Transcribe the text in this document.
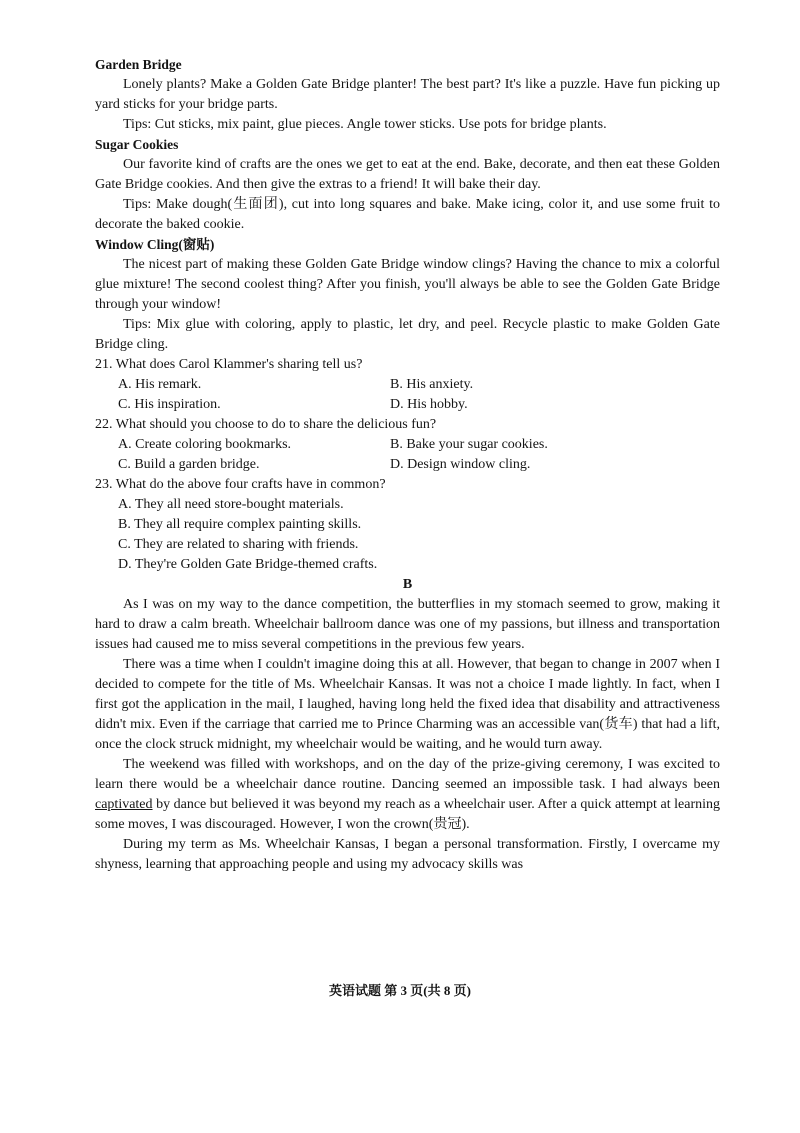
Garden Bridge

Lonely plants? Make a Golden Gate Bridge planter! The best part? It's like a puzzle. Have fun picking up yard sticks for your bridge parts.

Tips: Cut sticks, mix paint, glue pieces. Angle tower sticks. Use pots for bridge plants.

Sugar Cookies

Our favorite kind of crafts are the ones we get to eat at the end. Bake, decorate, and then eat these Golden Gate Bridge cookies. And then give the extras to a friend! It will bake their day.

Tips: Make dough(生面团), cut into long squares and bake. Make icing, color it, and use some fruit to decorate the baked cookie.

Window Cling(窗贴)

The nicest part of making these Golden Gate Bridge window clings? Having the chance to mix a colorful glue mixture! The second coolest thing? After you finish, you'll always be able to see the Golden Gate Bridge through your window!

Tips: Mix glue with coloring, apply to plastic, let dry, and peel. Recycle plastic to make Golden Gate Bridge cling.

21. What does Carol Klammer's sharing tell us?

A. His remark.	B. His anxiety.

C. His inspiration.	D. His hobby.

22. What should you choose to do to share the delicious fun?

A. Create coloring bookmarks.	B. Bake your sugar cookies.

C. Build a garden bridge.	D. Design window cling.

23. What do the above four crafts have in common?

A. They all need store-bought materials.

B. They all require complex painting skills.

C. They are related to sharing with friends.

D. They're Golden Gate Bridge-themed crafts.

B

As I was on my way to the dance competition, the butterflies in my stomach seemed to grow, making it hard to draw a calm breath. Wheelchair ballroom dance was one of my passions, but illness and transportation issues had caused me to miss several competitions in the previous few years.

There was a time when I couldn't imagine doing this at all. However, that began to change in 2007 when I decided to compete for the title of Ms. Wheelchair Kansas. It was not a choice I made lightly. In fact, when I first got the application in the mail, I laughed, having long held the fixed idea that disability and attractiveness didn't mix. Even if the carriage that carried me to Prince Charming was an accessible van(货车) that had a lift, once the clock struck midnight, my wheelchair would be waiting, and he would turn away.

The weekend was filled with workshops, and on the day of the prize-giving ceremony, I was excited to learn there would be a wheelchair dance routine. Dancing seemed an impossible task. I had always been captivated by dance but believed it was beyond my reach as a wheelchair user. After a quick attempt at learning some moves, I was discouraged. However, I won the crown(贵冠).

During my term as Ms. Wheelchair Kansas, I began a personal transformation. Firstly, I overcame my shyness, learning that approaching people and using my advocacy skills was

英语试题 第 3 页(共 8 页)
